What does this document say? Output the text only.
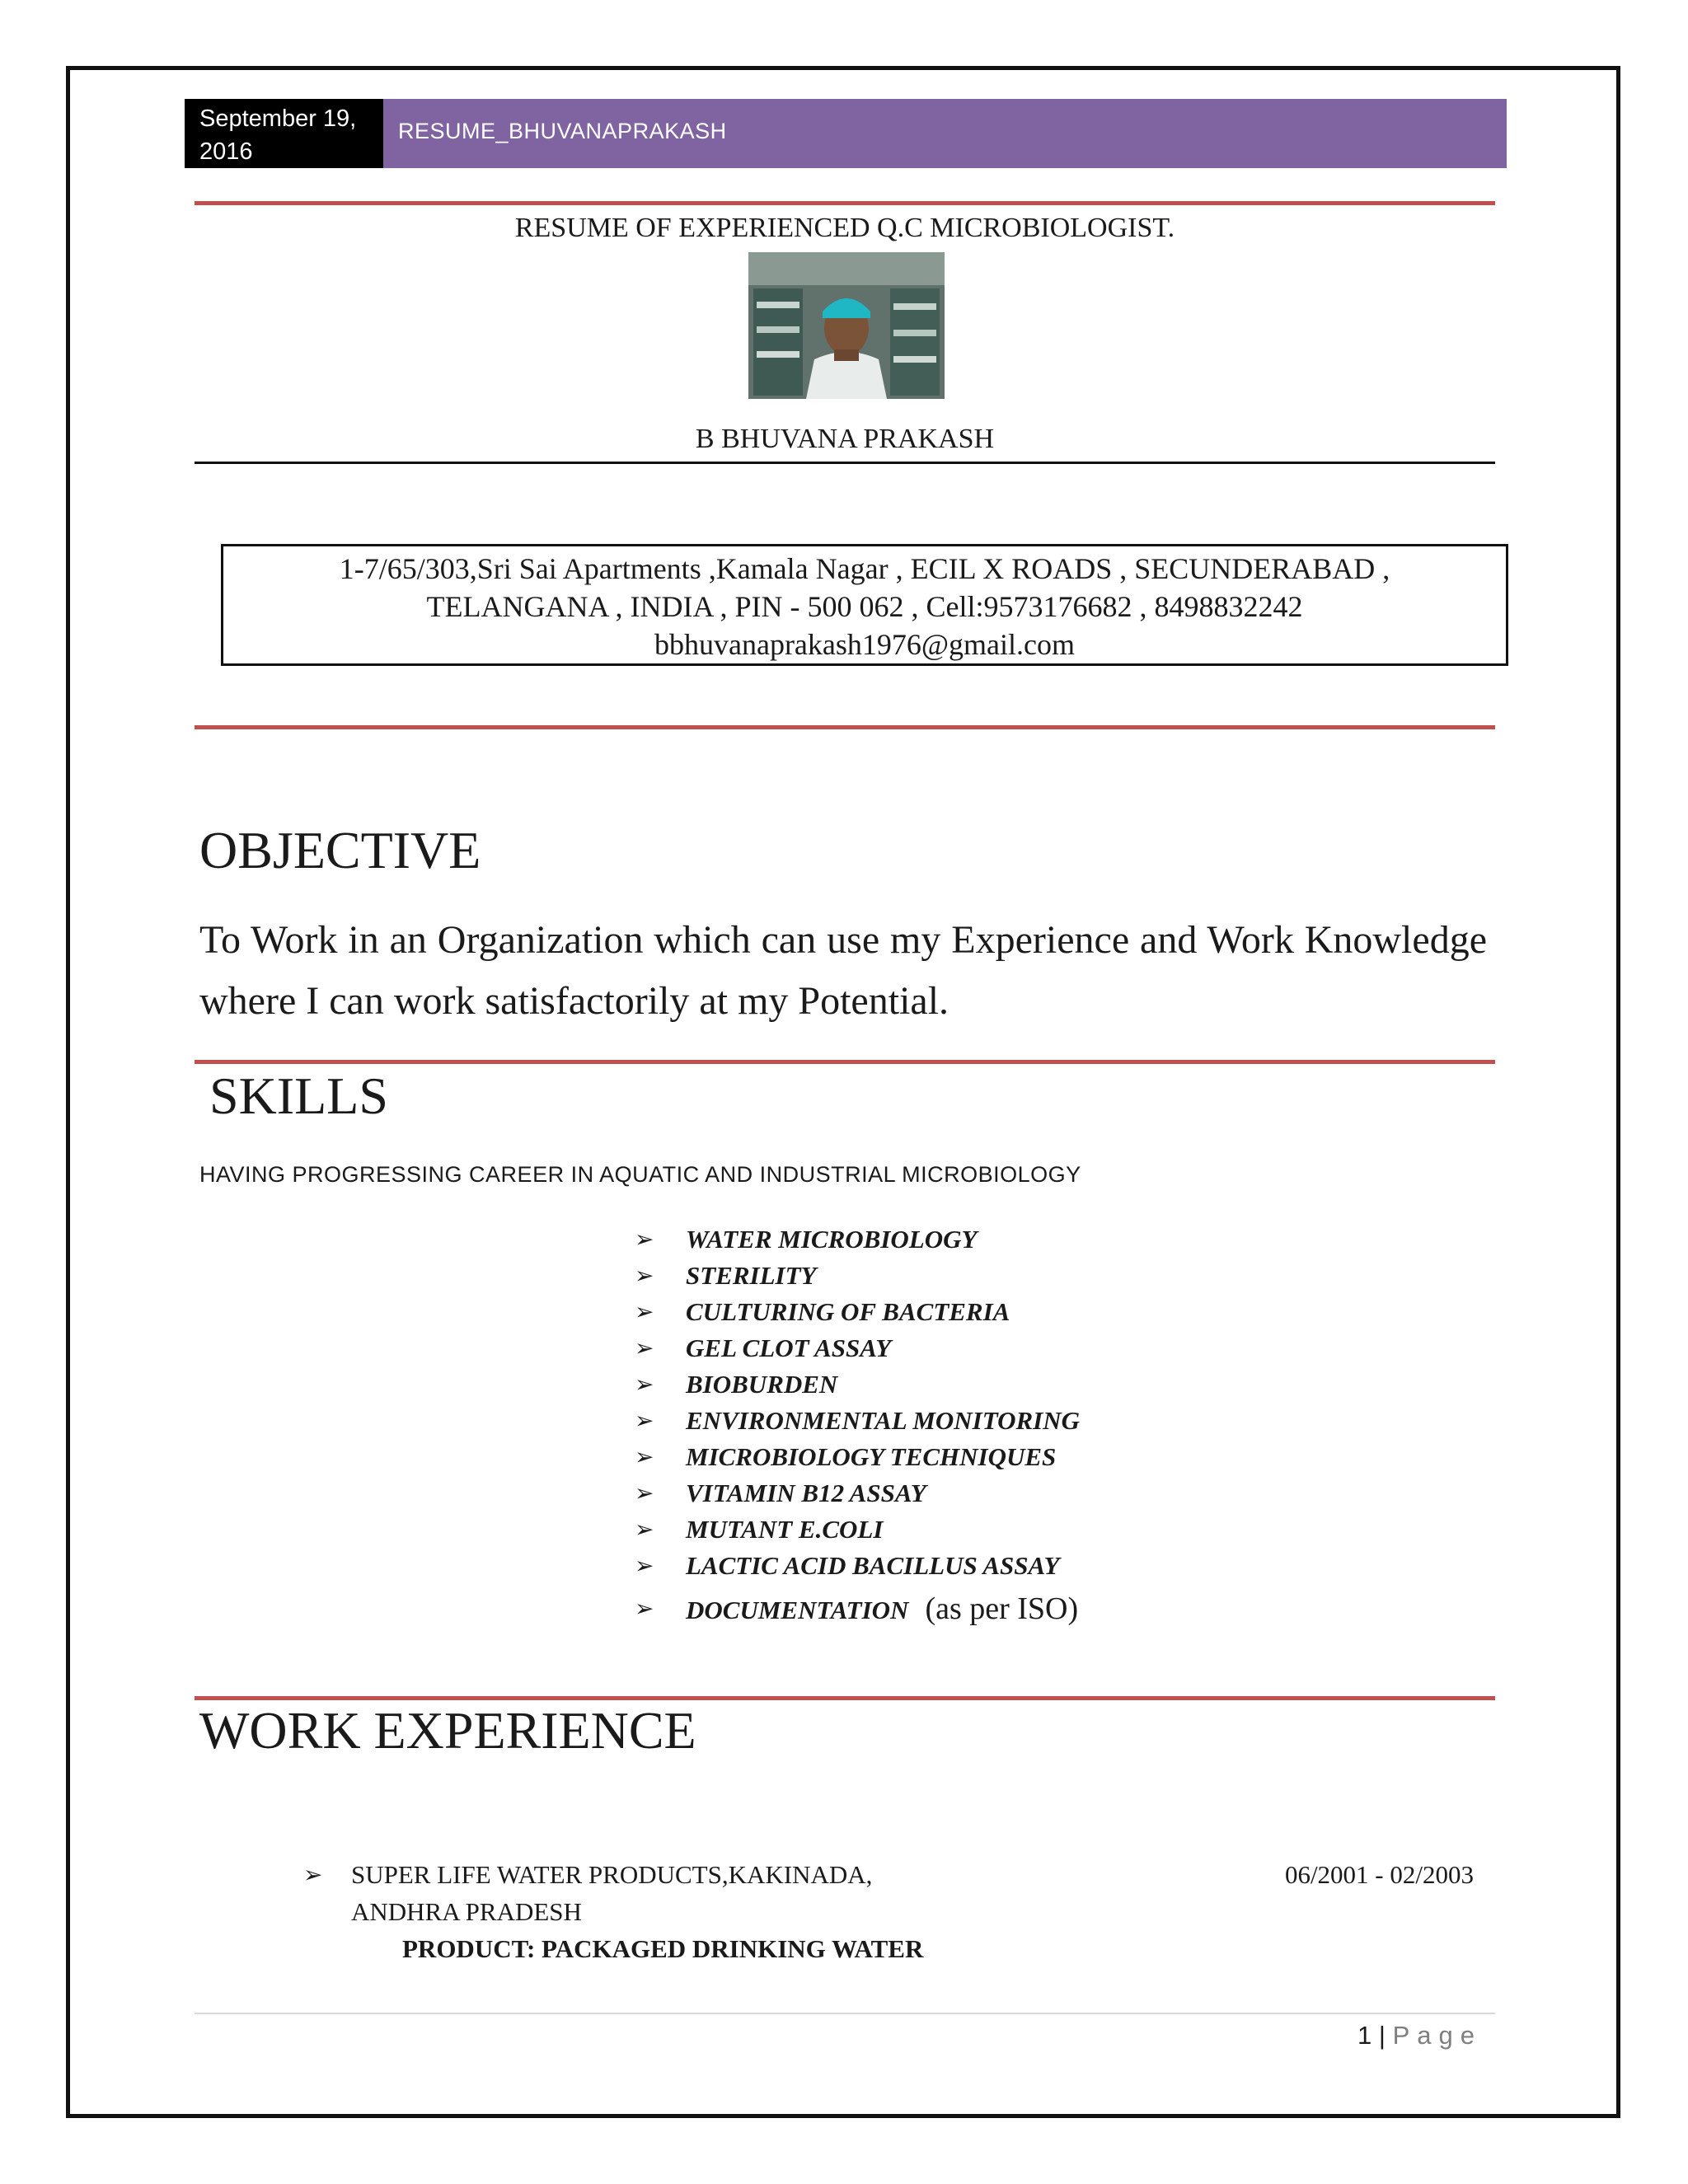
September 19, 2016
RESUME_BHUVANAPRAKASH
RESUME OF EXPERIENCED Q.C MICROBIOLOGIST.
B BHUVANA PRAKASH
1-7/65/303,Sri Sai Apartments ,Kamala Nagar , ECIL X ROADS , SECUNDERABAD ,
TELANGANA , INDIA , PIN - 500 062 , Cell:9573176682 , 8498832242
bbhuvanaprakash1976@gmail.com
OBJECTIVE
To Work in an Organization which can use my Experience and Work Knowledge where I can work satisfactorily at my Potential.
SKILLS
HAVING PROGRESSING CAREER IN AQUATIC AND INDUSTRIAL MICROBIOLOGY
➢ WATER MICROBIOLOGY
➢ STERILITY
➢ CULTURING OF BACTERIA
➢ GEL CLOT ASSAY
➢ BIOBURDEN
➢ ENVIRONMENTAL MONITORING
➢ MICROBIOLOGY TECHNIQUES
➢ VITAMIN B12 ASSAY
➢ MUTANT E.COLI
➢ LACTIC ACID BACILLUS ASSAY
➢ DOCUMENTATION (as per ISO)
WORK EXPERIENCE
➢ SUPER LIFE WATER PRODUCTS,KAKINADA,
ANDHRA PRADESH
06/2001 - 02/2003
PRODUCT: PACKAGED DRINKING WATER
1 | Page
